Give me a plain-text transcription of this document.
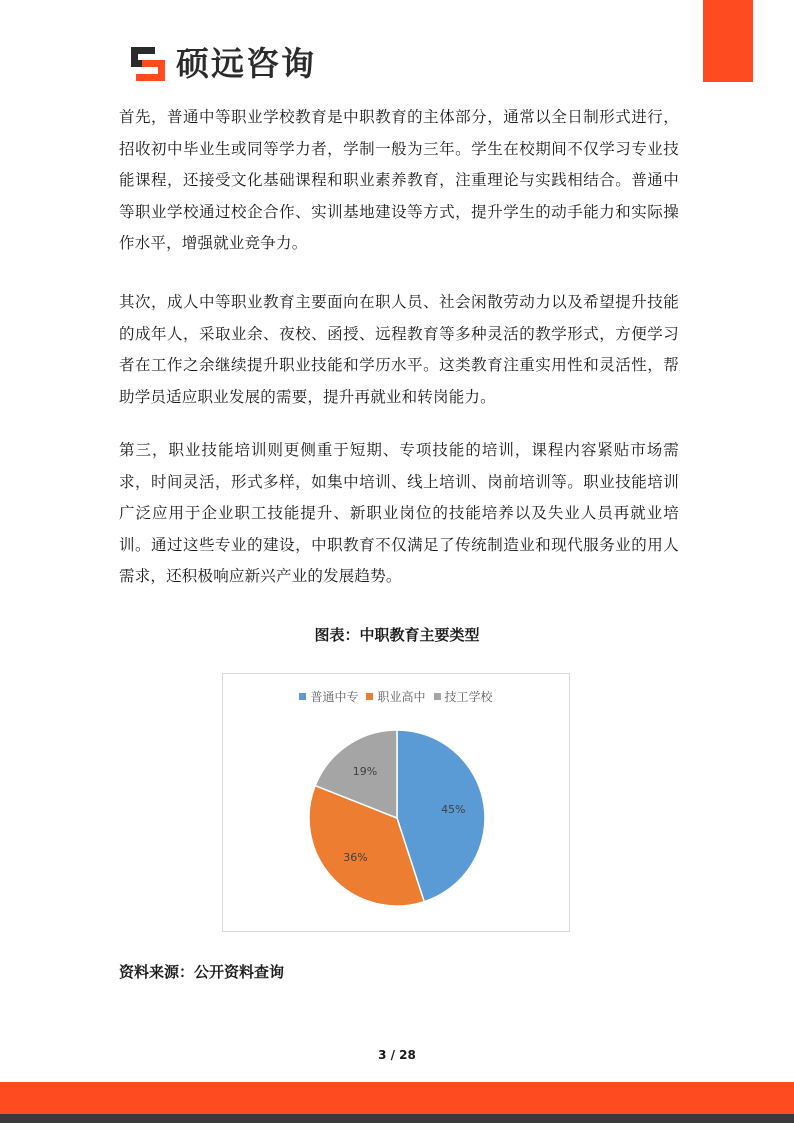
硕远咨询

首先，普通中等职业学校教育是中职教育的主体部分，通常以全日制形式进行，招收初中毕业生或同等学力者，学制一般为三年。学生在校期间不仅学习专业技能课程，还接受文化基础课程和职业素养教育，注重理论与实践相结合。普通中等职业学校通过校企合作、实训基地建设等方式，提升学生的动手能力和实际操作水平，增强就业竞争力。

其次，成人中等职业教育主要面向在职人员、社会闲散劳动力以及希望提升技能的成年人，采取业余、夜校、函授、远程教育等多种灵活的教学形式，方便学习者在工作之余继续提升职业技能和学历水平。这类教育注重实用性和灵活性，帮助学员适应职业发展的需要，提升再就业和转岗能力。

第三，职业技能培训则更侧重于短期、专项技能的培训，课程内容紧贴市场需求，时间灵活，形式多样，如集中培训、线上培训、岗前培训等。职业技能培训广泛应用于企业职工技能提升、新职业岗位的技能培养以及失业人员再就业培训。通过这些专业的建设，中职教育不仅满足了传统制造业和现代服务业的用人需求，还积极响应新兴产业的发展趋势。

图表：中职教育主要类型

普通中专 职业高中 技工学校
45%
36%
19%

资料来源：公开资料查询

3 / 28
